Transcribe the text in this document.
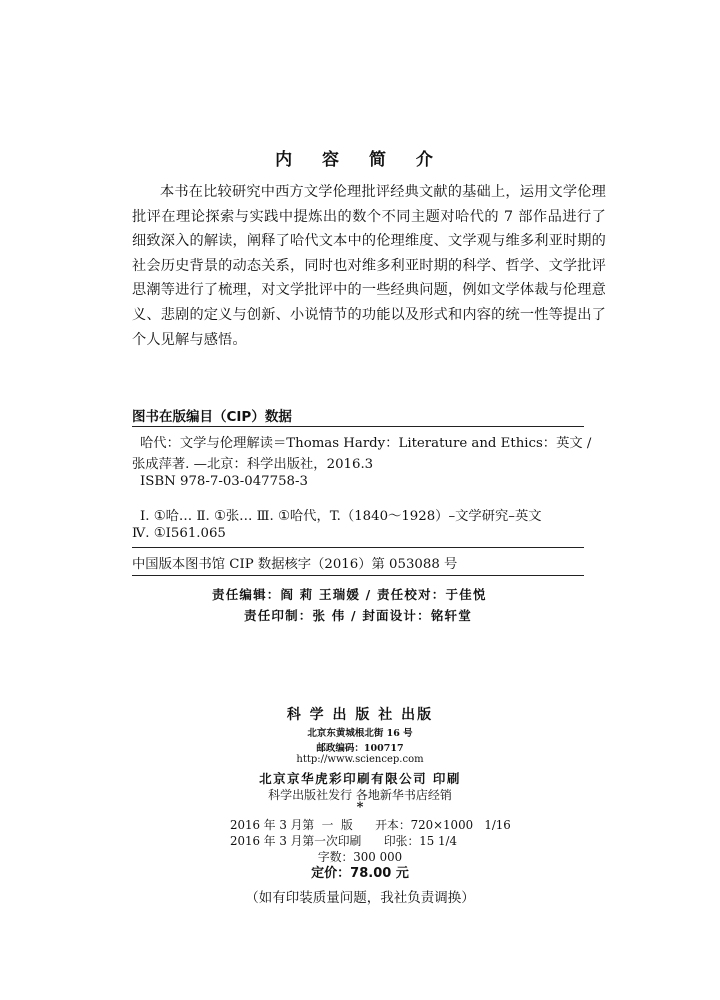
内 容 简 介
本书在比较研究中西方文学伦理批评经典文献的基础上，运用文学伦理批评在理论探索与实践中提炼出的数个不同主题对哈代的 7 部作品进行了细致深入的解读，阐释了哈代文本中的伦理维度、文学观与维多利亚时期的社会历史背景的动态关系，同时也对维多利亚时期的科学、哲学、文学批评思潮等进行了梳理，对文学批评中的一些经典问题，例如文学体裁与伦理意义、悲剧的定义与创新、小说情节的功能以及形式和内容的统一性等提出了个人见解与感悟。
图书在版编目（CIP）数据
哈代：文学与伦理解读＝Thomas Hardy：Literature and Ethics：英文 /
张成萍著. —北京：科学出版社，2016.3
ISBN 978-7-03-047758-3
Ⅰ. ①哈… Ⅱ. ①张… Ⅲ. ①哈代，T.（1840～1928）–文学研究–英文
Ⅳ. ①I561.065
中国版本图书馆 CIP 数据核字（2016）第 053088 号
责任编辑：阎 莉 王瑞媛 / 责任校对：于佳悦
责任印制：张 伟 / 封面设计：铭轩堂
科 学 出 版 社 出版
北京东黄城根北街 16 号
邮政编码：100717
http://www.sciencep.com
北京京华虎彩印刷有限公司 印刷
科学出版社发行 各地新华书店经销
*
2016 年 3 月第  一  版      开本：720×1000   1/16
2016 年 3 月第一次印刷      印张：15 1/4
字数：300 000
定价：78.00 元
（如有印装质量问题，我社负责调换）
